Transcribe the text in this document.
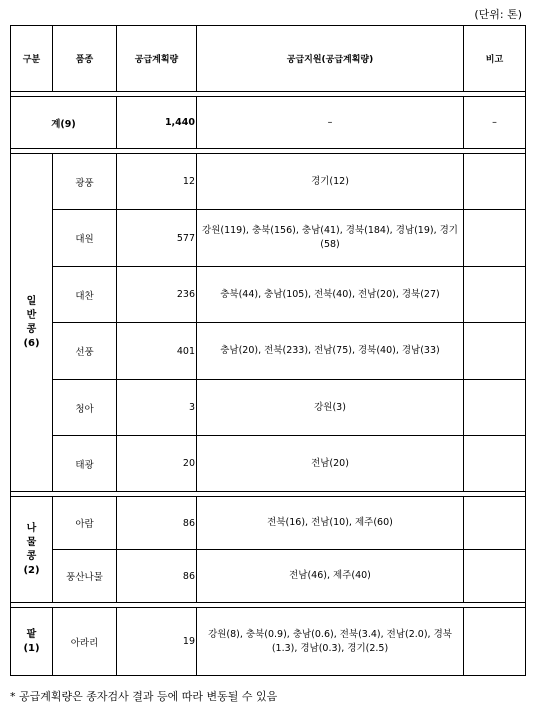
(단위: 톤)
구분	품종	공급계획량	공급지원(공급계획량)	비고

계(9)		1,440	–	–

일
반
콩
(6)	광풍	12	경기(12)	
	대원	577	강원(119), 충북(156), 충남(41), 경북(184), 경남(19), 경기(58)	
	대찬	236	충북(44), 충남(105), 전북(40), 전남(20), 경북(27)	
	선풍	401	충남(20), 전북(233), 전남(75), 경북(40), 경남(33)	
	청아	3	강원(3)	
	태광	20	전남(20)	

나
물
콩
(2)	아람	86	전북(16), 전남(10), 제주(60)	
	풍산나물	86	전남(46), 제주(40)	

팥
(1)	아라리	19	강원(8), 충북(0.9), 충남(0.6), 전북(3.4), 전남(2.0), 경북(1.3), 경남(0.3), 경기(2.5)	
* 공급계획량은 종자검사 결과 등에 따라 변동될 수 있음
